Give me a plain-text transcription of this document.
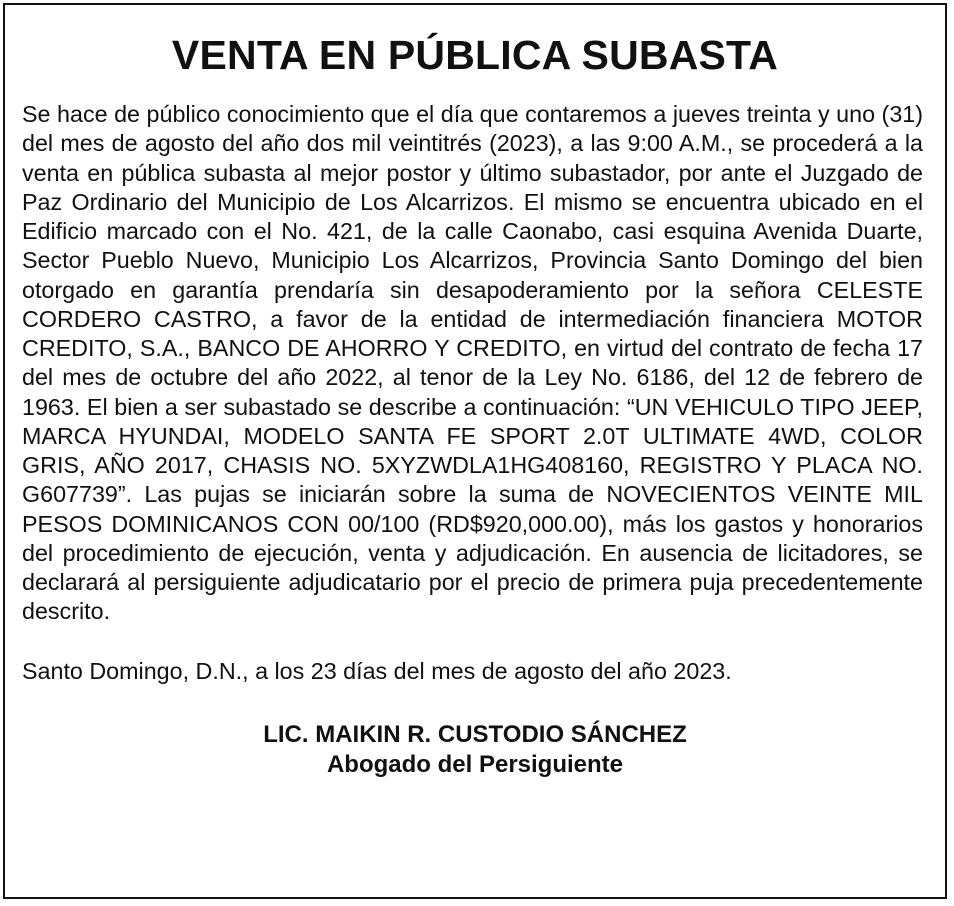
VENTA EN PÚBLICA SUBASTA

Se hace de público conocimiento que el día que contaremos a jueves treinta y uno (31) del mes de agosto del año dos mil veintitrés (2023), a las 9:00 A.M., se procederá a la venta en pública subasta al mejor postor y último subastador, por ante el Juzgado de Paz Ordinario del Municipio de Los Alcarrizos. El mismo se encuentra ubicado en el Edificio marcado con el No. 421, de la calle Caonabo, casi esquina Avenida Duarte, Sector Pueblo Nuevo, Municipio Los Alcarrizos, Provincia Santo Domingo del bien otorgado en garantía prendaría sin desapoderamiento por la señora CELESTE CORDERO CASTRO, a favor de la entidad de intermediación financiera MOTOR CREDITO, S.A., BANCO DE AHORRO Y CREDITO, en virtud del contrato de fecha 17 del mes de octubre del año 2022, al tenor de la Ley No. 6186, del 12 de febrero de 1963. El bien a ser subastado se describe a continuación: “UN VEHICULO TIPO JEEP, MARCA HYUNDAI, MODELO SANTA FE SPORT 2.0T ULTIMATE 4WD, COLOR GRIS, AÑO 2017, CHASIS NO. 5XYZWDLA1HG408160, REGISTRO Y PLACA NO. G607739”. Las pujas se iniciarán sobre la suma de NOVECIENTOS VEINTE MIL PESOS DOMINICANOS CON 00/100 (RD$920,000.00), más los gastos y honorarios del procedimiento de ejecución, venta y adjudicación. En ausencia de licitadores, se declarará al persiguiente adjudicatario por el precio de primera puja precedentemente descrito.

Santo Domingo, D.N., a los 23 días del mes de agosto del año 2023.

LIC. MAIKIN R. CUSTODIO SÁNCHEZ
Abogado del Persiguiente
